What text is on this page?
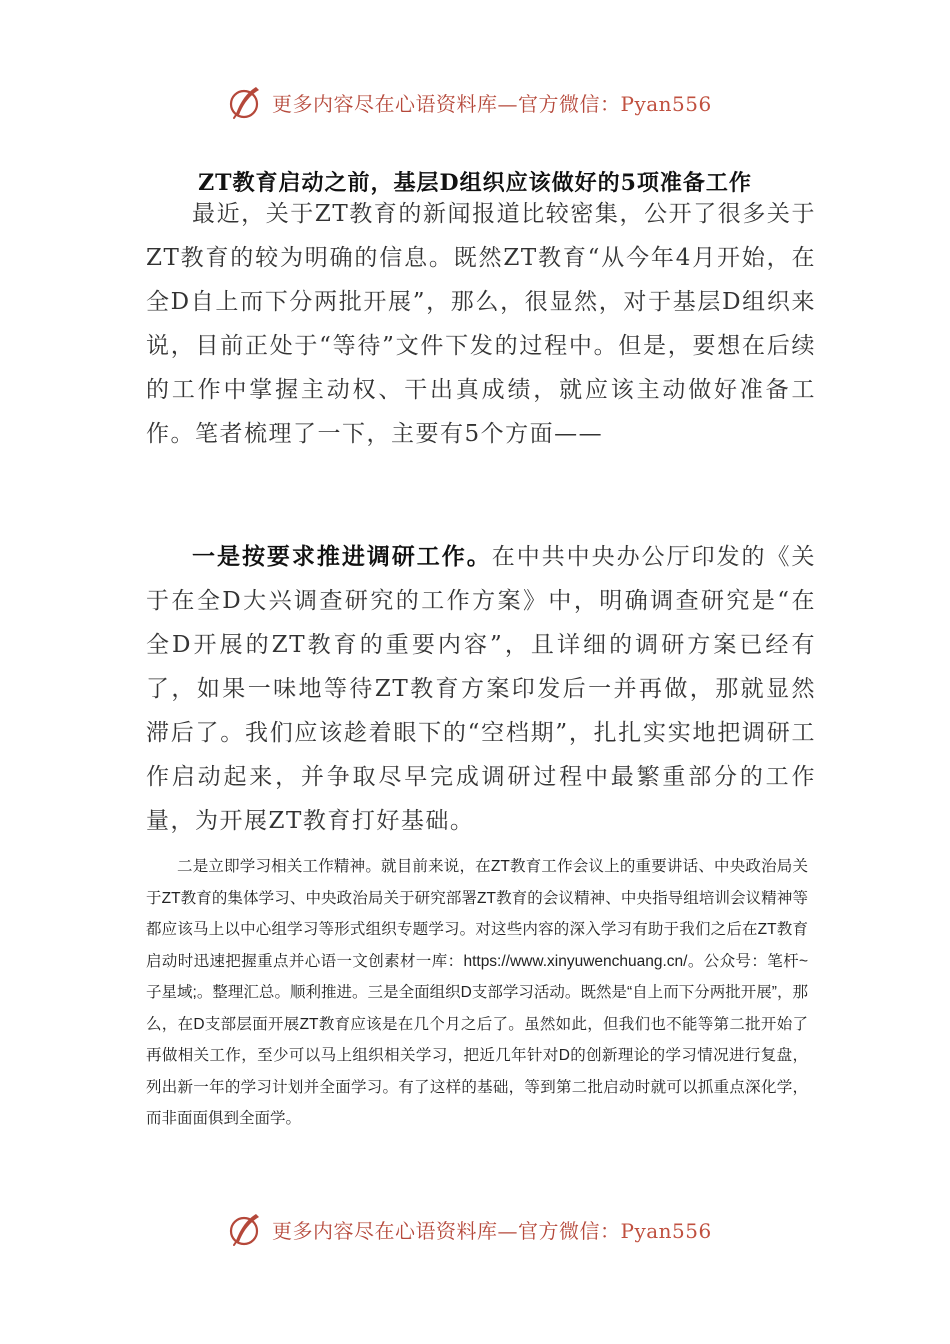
更多内容尽在心语资料库—官方微信：Pyan556
ZT教育启动之前，基层D组织应该做好的5项准备工作

最近，关于ZT教育的新闻报道比较密集，公开了很多关于ZT教育的较为明确的信息。既然ZT教育“从今年4月开始，在全D自上而下分两批开展”，那么，很显然，对于基层D组织来说，目前正处于“等待”文件下发的过程中。但是，要想在后续的工作中掌握主动权、干出真成绩，就应该主动做好准备工作。笔者梳理了一下，主要有5个方面——

一是按要求推进调研工作。在中共中央办公厅印发的《关于在全D大兴调查研究的工作方案》中，明确调查研究是“在全D开展的ZT教育的重要内容”，且详细的调研方案已经有了，如果一味地等待ZT教育方案印发后一并再做，那就显然滞后了。我们应该趁着眼下的“空档期”，扎扎实实地把调研工作启动起来，并争取尽早完成调研过程中最繁重部分的工作量，为开展ZT教育打好基础。

二是立即学习相关工作精神。就目前来说，在ZT教育工作会议上的重要讲话、中央政治局关于ZT教育的集体学习、中央政治局关于研究部署ZT教育的会议精神、中央指导组培训会议精神等都应该马上以中心组学习等形式组织专题学习。对这些内容的深入学习有助于我们之后在ZT教育启动时迅速把握重点并心语一文创素材一库：https://www.xinyuwenchuang.cn/。公众号：笔杆~子星域;。整理汇总。顺利推进。三是全面组织D支部学习活动。既然是“自上而下分两批开展”，那么，在D支部层面开展ZT教育应该是在几个月之后了。虽然如此，但我们也不能等第二批开始了再做相关工作，至少可以马上组织相关学习，把近几年针对D的创新理论的学习情况进行复盘，列出新一年的学习计划并全面学习。有了这样的基础，等到第二批启动时就可以抓重点深化学，而非面面俱到全面学。

更多内容尽在心语资料库—官方微信：Pyan556
